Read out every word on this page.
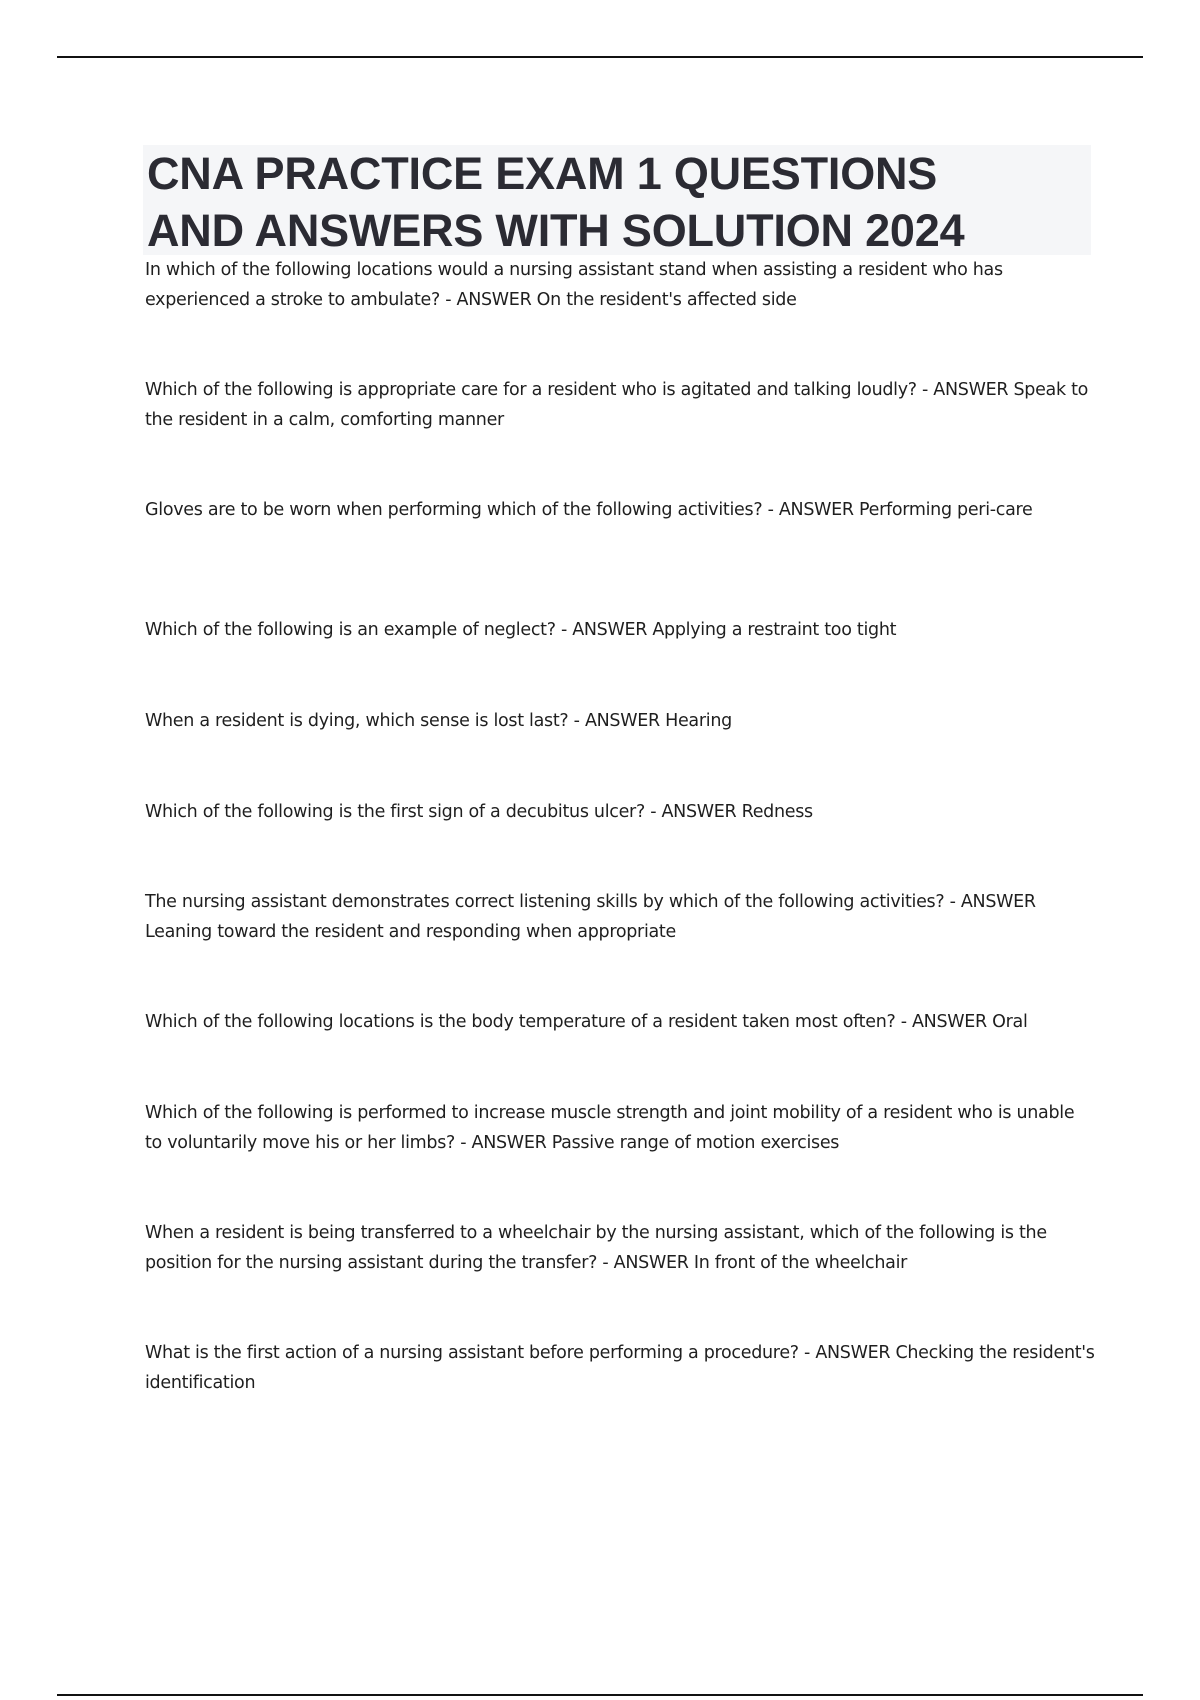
CNA PRACTICE EXAM 1 QUESTIONS
AND ANSWERS WITH SOLUTION 2024
In which of the following locations would a nursing assistant stand when assisting a resident who has experienced a stroke to ambulate? - ANSWER On the resident's affected side
Which of the following is appropriate care for a resident who is agitated and talking loudly? - ANSWER Speak to the resident in a calm, comforting manner
Gloves are to be worn when performing which of the following activities? - ANSWER Performing peri-care
Which of the following is an example of neglect? - ANSWER Applying a restraint too tight
When a resident is dying, which sense is lost last? - ANSWER Hearing
Which of the following is the first sign of a decubitus ulcer? - ANSWER Redness
The nursing assistant demonstrates correct listening skills by which of the following activities? - ANSWER Leaning toward the resident and responding when appropriate
Which of the following locations is the body temperature of a resident taken most often? - ANSWER Oral
Which of the following is performed to increase muscle strength and joint mobility of a resident who is unable to voluntarily move his or her limbs? - ANSWER Passive range of motion exercises
When a resident is being transferred to a wheelchair by the nursing assistant, which of the following is the position for the nursing assistant during the transfer? - ANSWER In front of the wheelchair
What is the first action of a nursing assistant before performing a procedure? - ANSWER Checking the resident's identification
